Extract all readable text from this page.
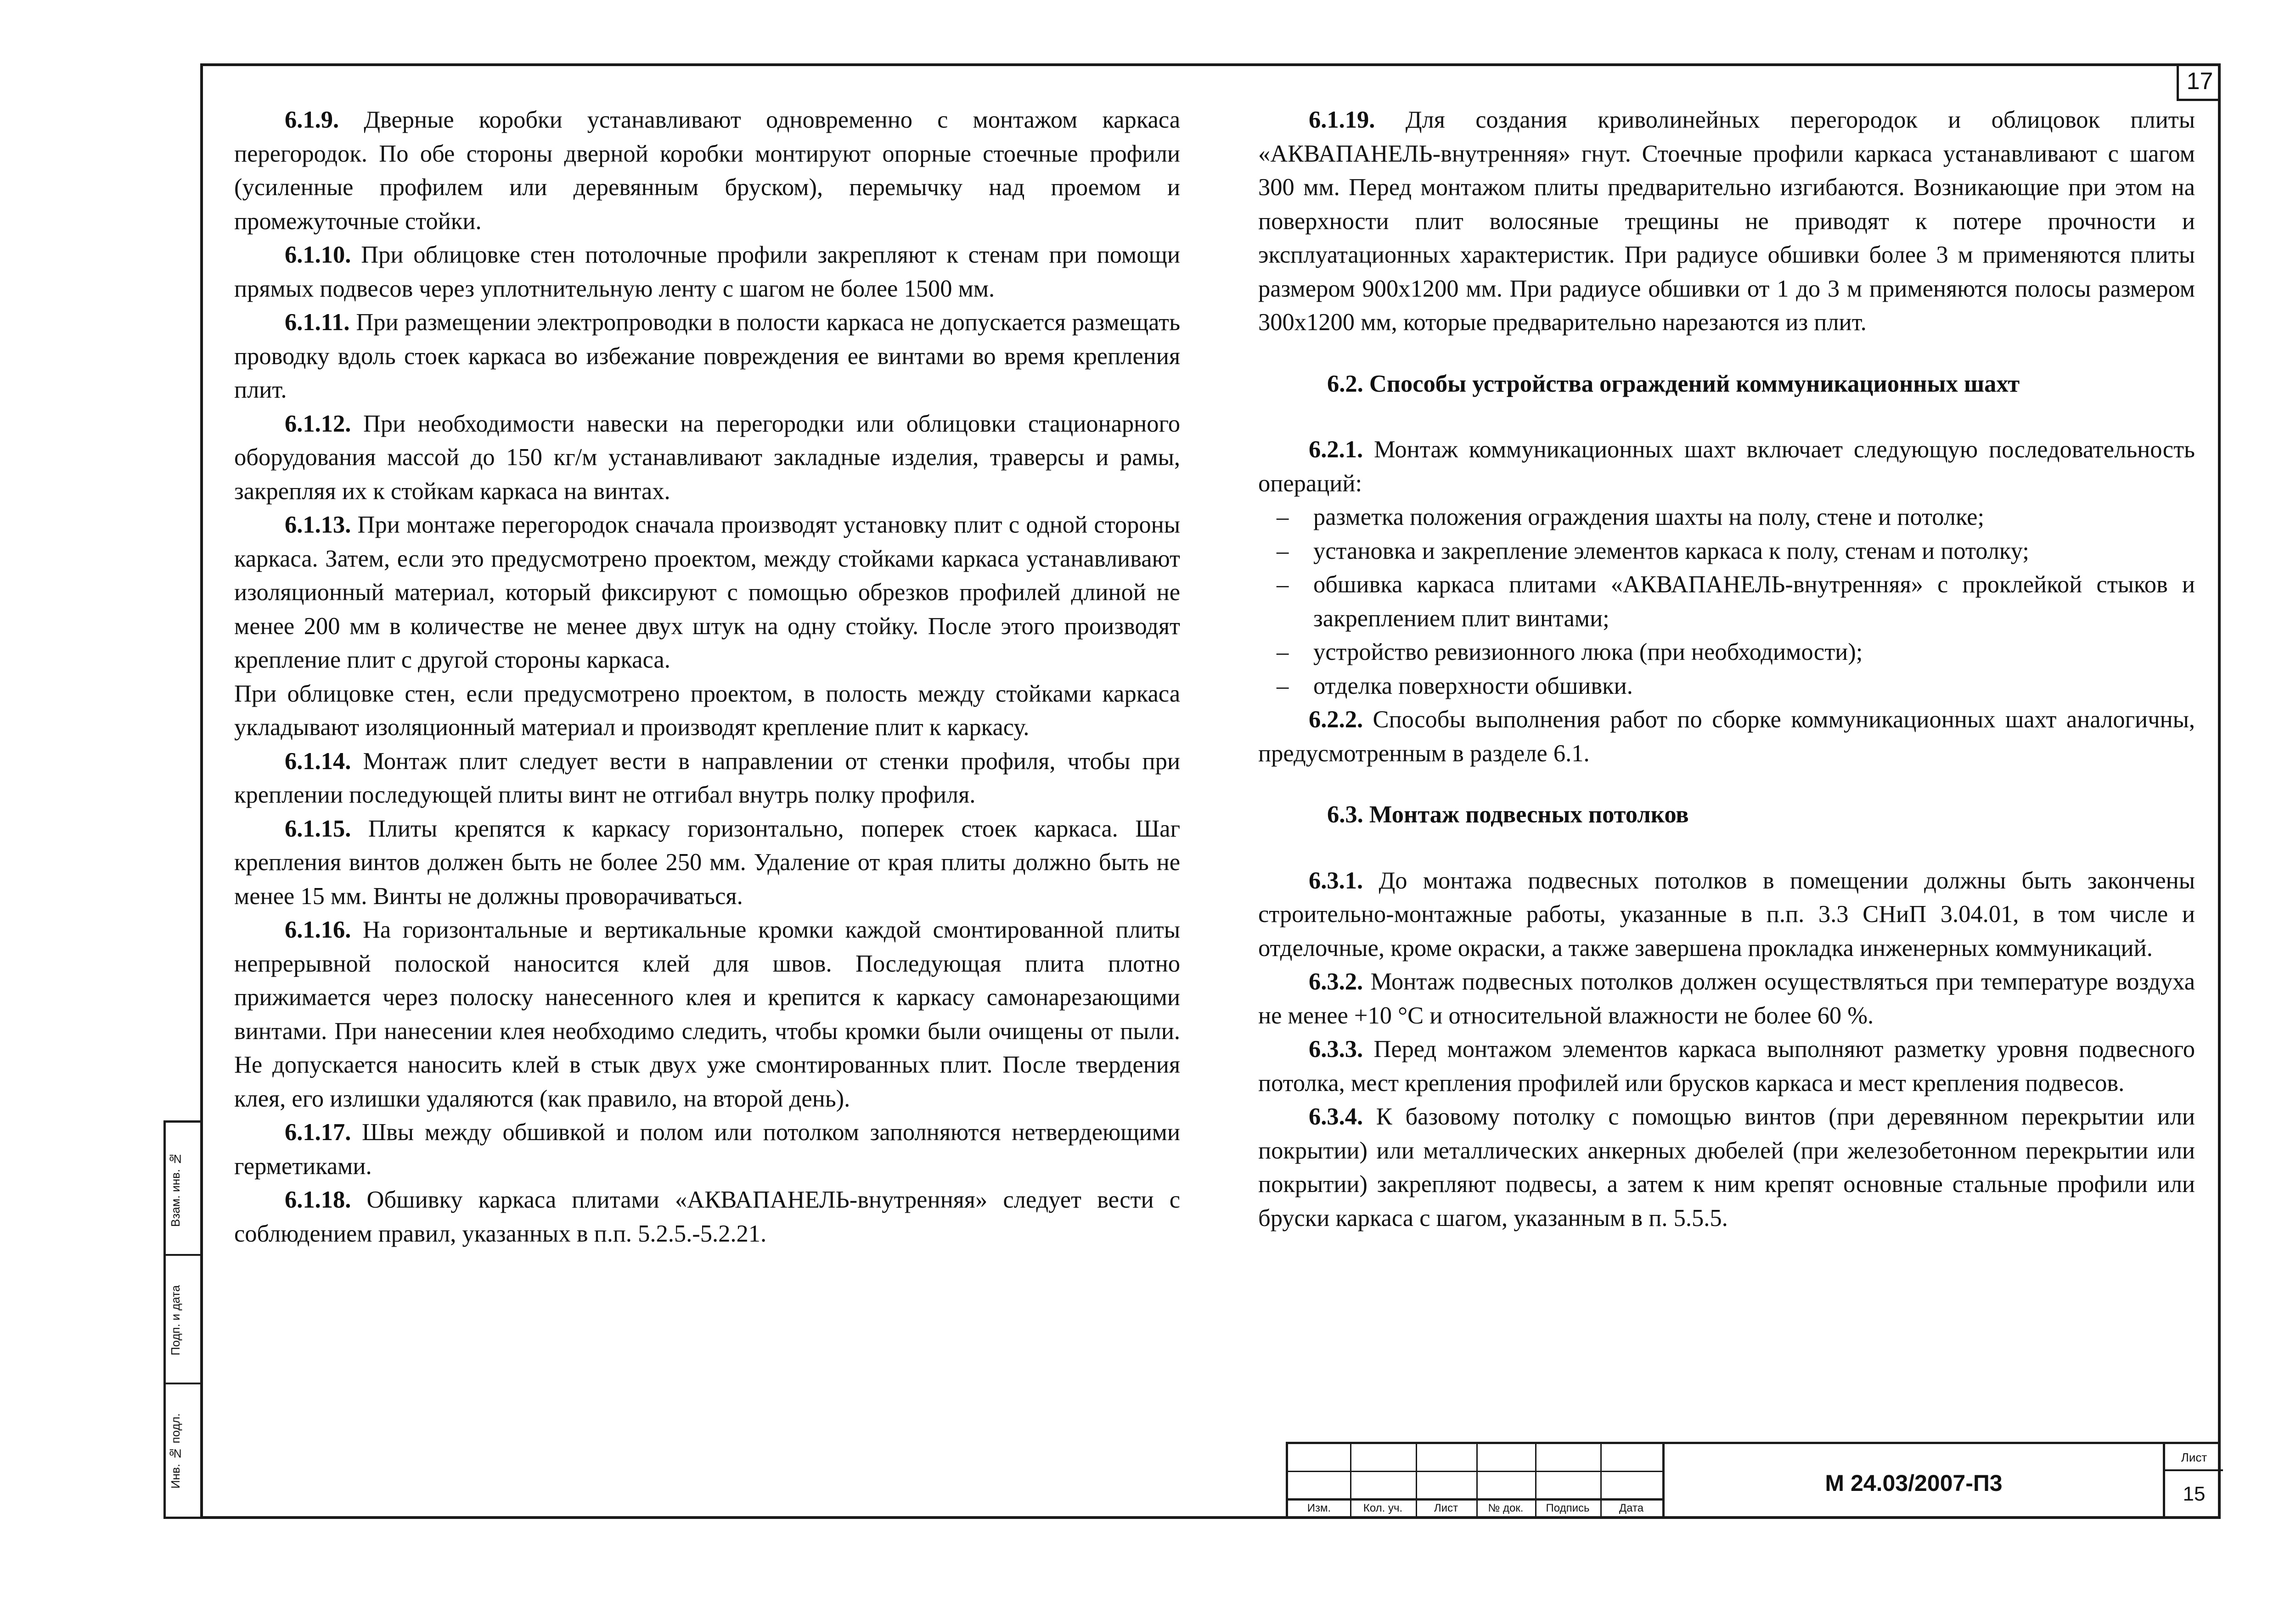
17
Взам. инв. №
Подп. и дата
Инв. № подл.

6.1.9. Дверные коробки устанавливают одновременно с монтажом каркаса перегородок. По обе стороны дверной коробки монтируют опорные стоечные профили (усиленные профилем или деревянным бруском), перемычку над проемом и промежуточные стойки.

6.1.10. При облицовке стен потолочные профили закрепляют к стенам при помощи прямых подвесов через уплотнительную ленту с шагом не более 1500 мм.

6.1.11. При размещении электропроводки в полости каркаса не допускается размещать проводку вдоль стоек каркаса во избежание повреждения ее винтами во время крепления плит.

6.1.12. При необходимости навески на перегородки или облицовки стационарного оборудования массой до 150 кг/м устанавливают закладные изделия, траверсы и рамы, закрепляя их к стойкам каркаса на винтах.

6.1.13. При монтаже перегородок сначала производят установку плит с одной стороны каркаса. Затем, если это предусмотрено проектом, между стойками каркаса устанавливают изоляционный материал, который фиксируют с помощью обрезков профилей длиной не менее 200 мм в количестве не менее двух штук на одну стойку. После этого производят крепление плит с другой стороны каркаса.

При облицовке стен, если предусмотрено проектом, в полость между стойками каркаса укладывают изоляционный материал и производят крепление плит к каркасу.

6.1.14. Монтаж плит следует вести в направлении от стенки профиля, чтобы при креплении последующей плиты винт не отгибал внутрь полку профиля.

6.1.15. Плиты крепятся к каркасу горизонтально, поперек стоек каркаса. Шаг крепления винтов должен быть не более 250 мм. Удаление от края плиты должно быть не менее 15 мм. Винты не должны проворачиваться.

6.1.16. На горизонтальные и вертикальные кромки каждой смонтированной плиты непрерывной полоской наносится клей для швов. Последующая плита плотно прижимается через полоску нанесенного клея и крепится к каркасу самонарезающими винтами. При нанесении клея необходимо следить, чтобы кромки были очищены от пыли. Не допускается наносить клей в стык двух уже смонтированных плит. После твердения клея, его излишки удаляются (как правило, на второй день).

6.1.17. Швы между обшивкой и полом или потолком заполняются нетвердеющими герметиками.

6.1.18. Обшивку каркаса плитами «АКВАПАНЕЛЬ-внутренняя» следует вести с соблюдением правил, указанных в п.п. 5.2.5.-5.2.21.

6.1.19. Для создания криволинейных перегородок и облицовок плиты «АКВАПАНЕЛЬ-внутренняя» гнут. Стоечные профили каркаса устанавливают с шагом 300 мм. Перед монтажом плиты предварительно изгибаются. Возникающие при этом на поверхности плит волосяные трещины не приводят к потере прочности и эксплуатационных характеристик. При радиусе обшивки более 3 м применяются плиты размером 900x1200 мм. При радиусе обшивки от 1 до 3 м применяются полосы размером 300x1200 мм, которые предварительно нарезаются из плит.

6.2. Способы устройства ограждений коммуникационных шахт

6.2.1. Монтаж коммуникационных шахт включает следующую последовательность операций:

–	разметка положения ограждения шахты на полу, стене и потолке;
–	установка и закрепление элементов каркаса к полу, стенам и потолку;
–	обшивка каркаса плитами «АКВАПАНЕЛЬ-внутренняя» с проклейкой стыков и закреплением плит винтами;
–	устройство ревизионного люка (при необходимости);
–	отделка поверхности обшивки.

6.2.2. Способы выполнения работ по сборке коммуникационных шахт аналогичны, предусмотренным в разделе 6.1.

6.3. Монтаж подвесных потолков

6.3.1. До монтажа подвесных потолков в помещении должны быть закончены строительно-монтажные работы, указанные в п.п. 3.3 СНиП 3.04.01, в том числе и отделочные, кроме окраски, а также завершена прокладка инженерных коммуникаций.

6.3.2. Монтаж подвесных потолков должен осуществляться при температуре воздуха не менее +10 °C и относительной влажности не более 60 %.

6.3.3. Перед монтажом элементов каркаса выполняют разметку уровня подвесного потолка, мест крепления профилей или брусков каркаса и мест крепления подвесов.

6.3.4. К базовому потолку с помощью винтов (при деревянном перекрытии или покрытии) или металлических анкерных дюбелей (при железобетонном перекрытии или покрытии) закрепляют подвесы, а затем к ним крепят основные стальные профили или бруски каркаса с шагом, указанным в п. 5.5.5.

Изм.	Кол. уч.	Лист	№ док.	Подпись	Дата
М 24.03/2007-П3
Лист
15
